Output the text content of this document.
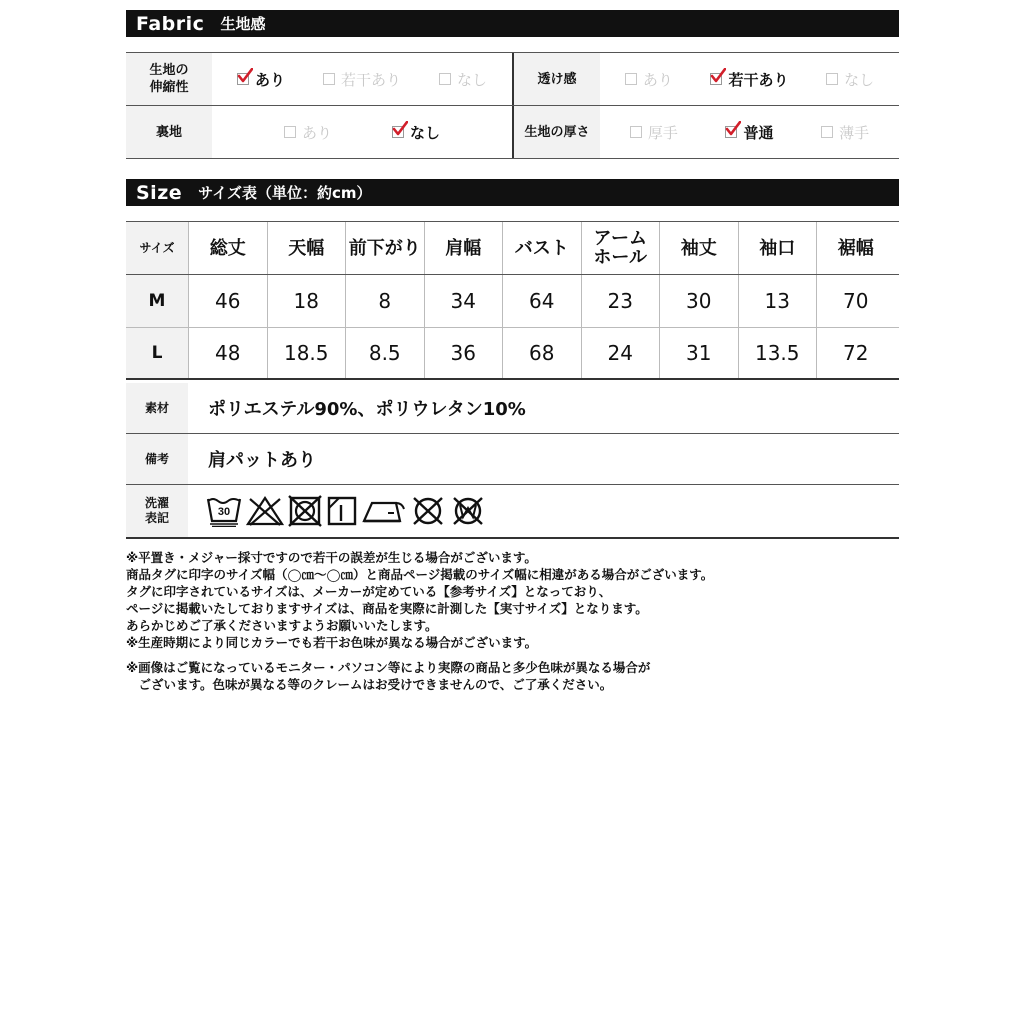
Fabric 生地感
生地の伸縮性	あり	若干あり	なし	透け感	あり	若干あり	なし
裏地	あり	なし	生地の厚さ	厚手	普通	薄手
Size サイズ表（単位：約cm）
サイズ	総丈	天幅	前下がり	肩幅	バスト	アームホール	袖丈	袖口	裾幅
M	46	18	8	34	64	23	30	13	70
L	48	18.5	8.5	36	68	24	31	13.5	72
素材	ポリエステル90%、ポリウレタン10%
備考	肩パットあり
洗濯表記	30

※平置き・メジャー採寸ですので若干の誤差が生じる場合がございます。

商品タグに印字のサイズ幅（◯㎝〜◯㎝）と商品ページ掲載のサイズ幅に相違がある場合がございます。

タグに印字されているサイズは、メーカーが定めている【参考サイズ】となっており、

ページに掲載いたしておりますサイズは、商品を実際に計測した【実寸サイズ】となります。

あらかじめご了承くださいますようお願いいたします。

※生産時期により同じカラーでも若干お色味が異なる場合がございます。

※画像はご覧になっているモニター・パソコン等により実際の商品と多少色味が異なる場合が

　ございます。色味が異なる等のクレームはお受けできませんので、ご了承ください。
